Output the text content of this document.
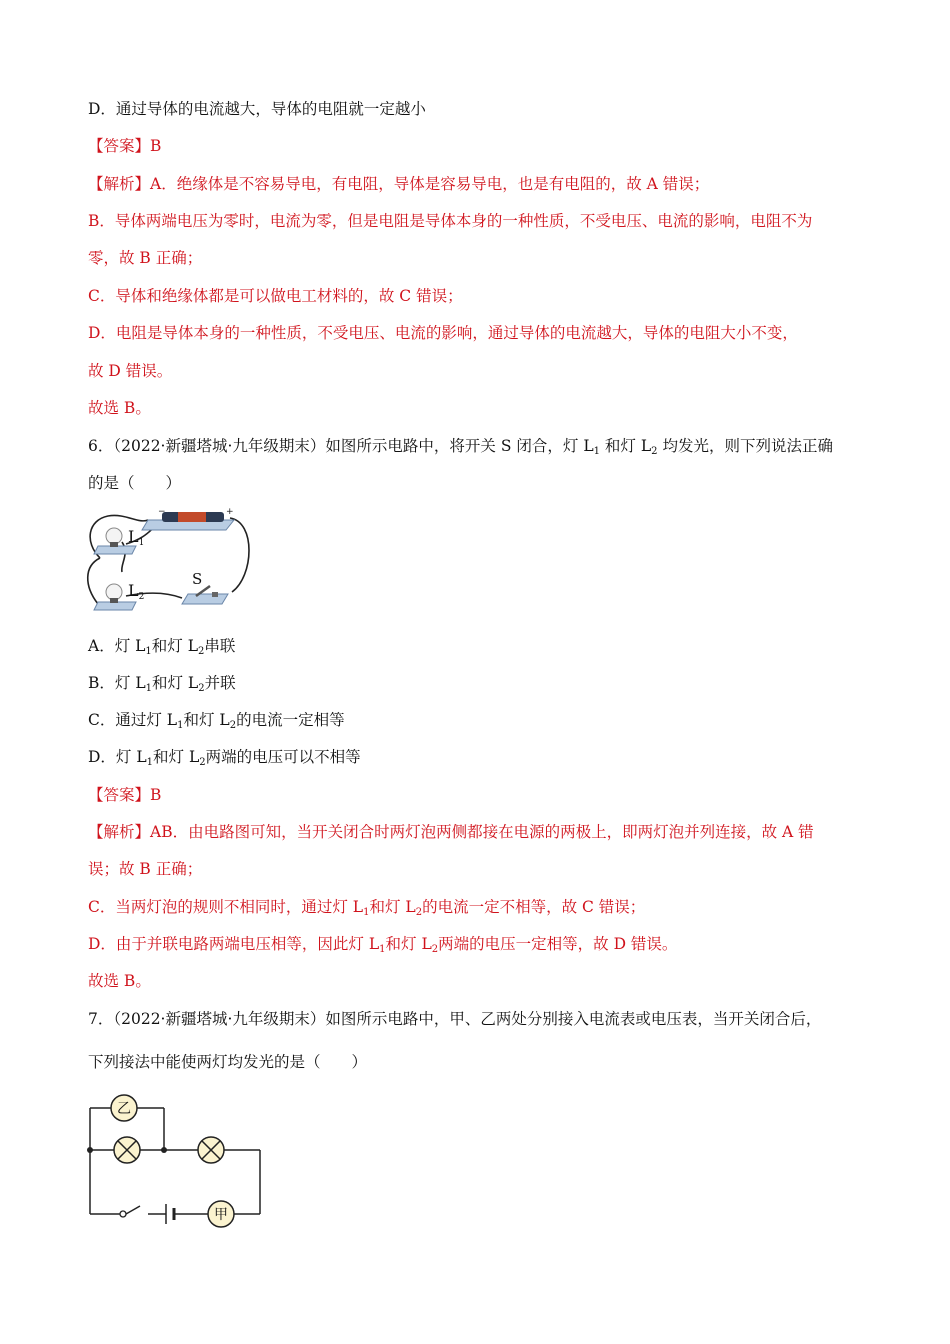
D．通过导体的电流越大，导体的电阻就一定越小
【答案】B
【解析】A．绝缘体是不容易导电，有电阻，导体是容易导电，也是有电阻的，故 A 错误；
B．导体两端电压为零时，电流为零，但是电阻是导体本身的一种性质，不受电压、电流的影响，电阻不为
零，故 B 正确；
C．导体和绝缘体都是可以做电工材料的，故 C 错误；
D．电阻是导体本身的一种性质，不受电压、电流的影响，通过导体的电流越大，导体的电阻大小不变，
故 D 错误。
故选 B。
6．（2022·新疆塔城·九年级期末）如图所示电路中，将开关 S 闭合，灯 $L_1$ 和灯 $L_2$ 均发光，则下列说法正确
的是（　　）
−	+
L1
L2
S
A．灯 $L_1$和灯 $L_2$串联
B．灯 $L_1$和灯 $L_2$并联
C．通过灯 $L_1$和灯 $L_2$的电流一定相等
D．灯 $L_1$和灯 $L_2$两端的电压可以不相等
【答案】B
【解析】AB．由电路图可知，当开关闭合时两灯泡两侧都接在电源的两极上，即两灯泡并列连接，故 A 错
误；故 B 正确；
C．当两灯泡的规则不相同时，通过灯 $L_1$和灯 $L_2$的电流一定不相等，故 C 错误；
D．由于并联电路两端电压相等，因此灯 $L_1$和灯 $L_2$两端的电压一定相等，故 D 错误。
故选 B。
7．（2022·新疆塔城·九年级期末）如图所示电路中，甲、乙两处分别接入电流表或电压表，当开关闭合后，
下列接法中能使两灯均发光的是（　　）
乙
甲
